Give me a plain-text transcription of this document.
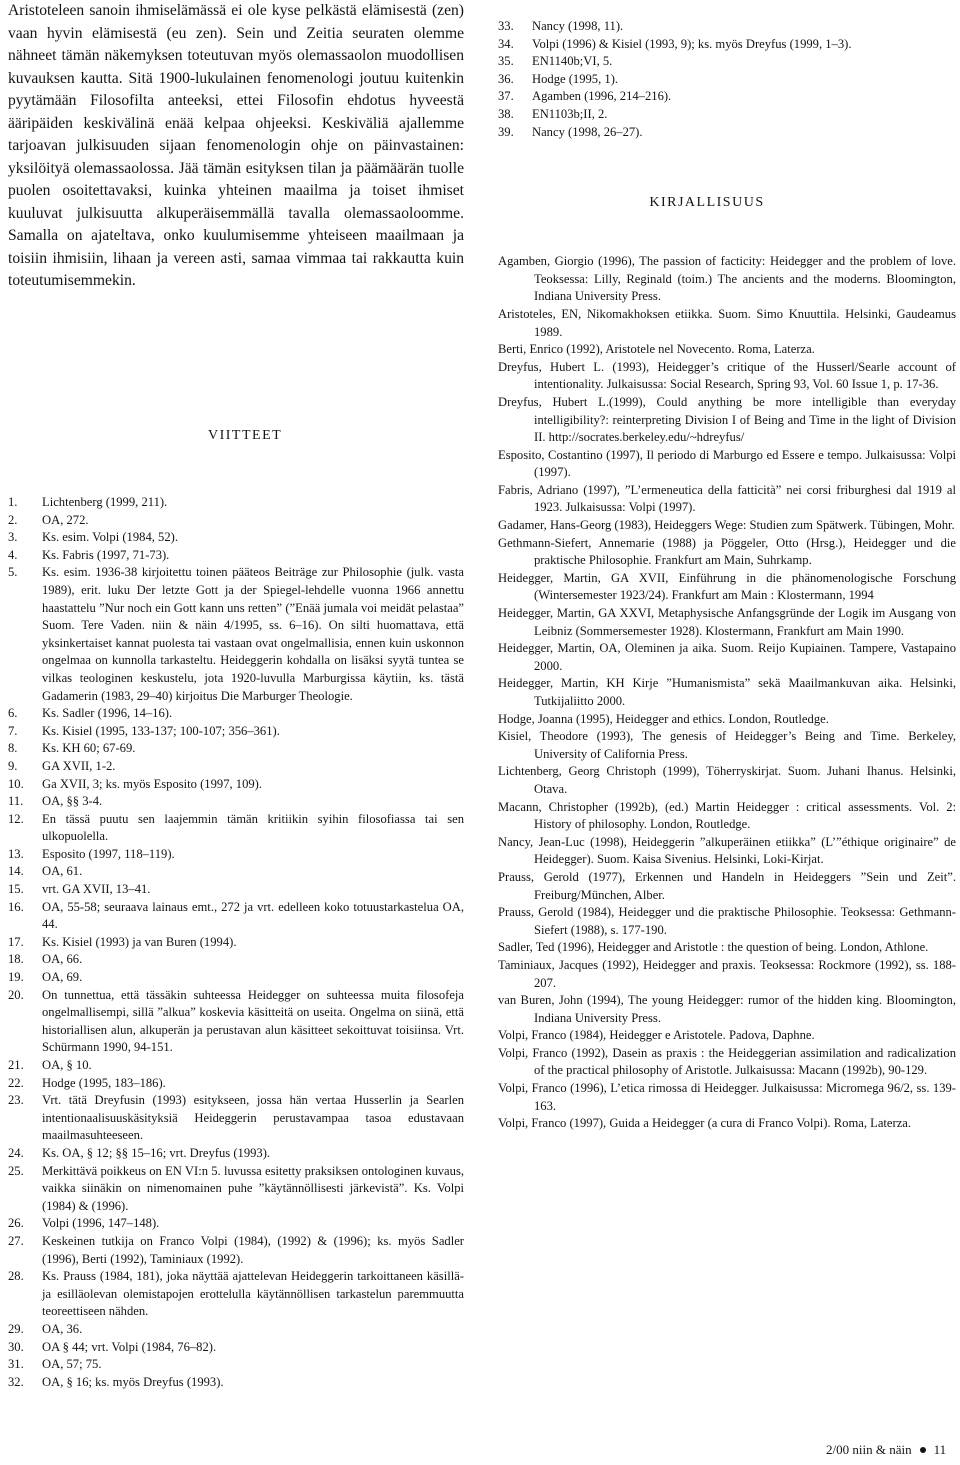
Aristoteleen sanoin ihmiselämässä ei ole kyse pelkästä elämisestä (zen) vaan hyvin elämisestä (eu zen). Sein und Zeitia seuraten olemme nähneet tämän näkemyksen toteutuvan myös olemassaolon muodollisen kuvauksen kautta. Sitä 1900-lukulainen fenomenologi joutuu kuitenkin pyytämään Filosofilta anteeksi, ettei Filosofin ehdotus hyveestä ääripäiden keskivälinä enää kelpaa ohjeeksi. Keskiväliä ajallemme tarjoavan julkisuuden sijaan fenomenologin ohje on päinvastainen: yksilöityä olemassaolossa. Jää tämän esityksen tilan ja päämäärän tuolle puolen osoitettavaksi, kuinka yhteinen maailma ja toiset ihmiset kuuluvat julkisuutta alkuperäisemmällä tavalla olemassaoloomme. Samalla on ajateltava, onko kuulumisemme yhteiseen maailmaan ja toisiin ihmisiin, lihaan ja vereen asti, samaa vimmaa tai rakkautta kuin toteutumisemmekin.

VIITTEET
1.	Lichtenberg (1999, 211).
2.	OA, 272.
3.	Ks. esim. Volpi (1984, 52).
4.	Ks. Fabris (1997, 71-73).
5.	Ks. esim. 1936-38 kirjoitettu toinen pääteos Beiträge zur Philosophie (julk. vasta 1989), erit. luku Der letzte Gott ja der Spiegel-lehdelle vuonna 1966 annettu haastattelu ”Nur noch ein Gott kann uns retten” (”Enää jumala voi meidät pelastaa” Suom. Tere Vaden. niin & näin 4/1995, ss. 6–16). On silti huomattava, että yksinkertaiset kannat puolesta tai vastaan ovat ongelmallisia, ennen kuin uskonnon ongelmaa on kunnolla tarkasteltu. Heideggerin kohdalla on lisäksi syytä tuntea se vilkas teologinen keskustelu, jota 1920-luvulla Marburgissa käytiin, ks. tästä Gadamerin (1983, 29–40) kirjoitus Die Marburger Theologie.
6.	Ks. Sadler (1996, 14–16).
7.	Ks. Kisiel (1995, 133-137; 100-107; 356–361).
8.	Ks. KH 60; 67-69.
9.	GA XVII, 1-2.
10.	Ga XVII, 3; ks. myös Esposito (1997, 109).
11.	OA, §§ 3-4.
12.	En tässä puutu sen laajemmin tämän kritiikin syihin filosofiassa tai sen ulkopuolella.
13.	Esposito (1997, 118–119).
14.	OA, 61.
15.	vrt. GA XVII, 13–41.
16.	OA, 55-58; seuraava lainaus emt., 272 ja vrt. edelleen koko totuustarkastelua OA, 44.
17.	Ks. Kisiel (1993) ja van Buren (1994).
18.	OA, 66.
19.	OA, 69.
20.	On tunnettua, että tässäkin suhteessa Heidegger on suhteessa muita filosofeja ongelmallisempi, sillä ”alkua” koskevia käsitteitä on useita. Ongelma on siinä, että historiallisen alun, alkuperän ja perustavan alun käsitteet sekoittuvat toisiinsa. Vrt. Schürmann 1990, 94-151.
21.	OA, § 10.
22.	Hodge (1995, 183–186).
23.	Vrt. tätä Dreyfusin (1993) esitykseen, jossa hän vertaa Husserlin ja Searlen intentionaalisuuskäsityksiä Heideggerin perustavampaa tasoa edustavaan maailmasuhteeseen.
24.	Ks. OA, § 12; §§ 15–16; vrt. Dreyfus (1993).
25.	Merkittävä poikkeus on EN VI:n 5. luvussa esitetty praksiksen ontologinen kuvaus, vaikka siinäkin on nimenomainen puhe ”käytännöllisesti järkevistä”. Ks. Volpi (1984) & (1996).
26.	Volpi (1996, 147–148).
27.	Keskeinen tutkija on Franco Volpi (1984), (1992) & (1996); ks. myös Sadler (1996), Berti (1992), Taminiaux (1992).
28.	Ks. Prauss (1984, 181), joka näyttää ajattelevan Heideggerin tarkoittaneen käsillä- ja esilläolevan olemistapojen erottelulla käytännöllisen tarkastelun paremmuutta teoreettiseen nähden.
29.	OA, 36.
30.	OA § 44; vrt. Volpi (1984, 76–82).
31.	OA, 57; 75.
32.	OA, § 16; ks. myös Dreyfus (1993).
33.	Nancy (1998, 11).
34.	Volpi (1996) & Kisiel (1993, 9); ks. myös Dreyfus (1999, 1–3).
35.	EN1140b;VI, 5.
36.	Hodge (1995, 1).
37.	Agamben (1996, 214–216).
38.	EN1103b;II, 2.
39.	Nancy (1998, 26–27).
KIRJALLISUUS
Agamben, Giorgio (1996), The passion of facticity: Heidegger and the problem of love. Teoksessa: Lilly, Reginald (toim.) The ancients and the moderns. Bloomington, Indiana University Press.
Aristoteles, EN, Nikomakhoksen etiikka. Suom. Simo Knuuttila. Helsinki, Gaudeamus 1989.
Berti, Enrico (1992), Aristotele nel Novecento. Roma, Laterza.
Dreyfus, Hubert L. (1993), Heidegger’s critique of the Husserl/Searle account of intentionality. Julkaisussa: Social Research, Spring 93, Vol. 60 Issue 1, p. 17-36.
Dreyfus, Hubert L.(1999), Could anything be more intelligible than everyday intelligibility?: reinterpreting Division I of Being and Time in the light of Division II. http://socrates.berkeley.edu/~hdreyfus/
Esposito, Costantino (1997), Il periodo di Marburgo ed Essere e tempo. Julkaisussa: Volpi (1997).
Fabris, Adriano (1997), ”L’ermeneutica della fatticità” nei corsi friburghesi dal 1919 al 1923. Julkaisussa: Volpi (1997).
Gadamer, Hans-Georg (1983), Heideggers Wege: Studien zum Spätwerk. Tübingen, Mohr.
Gethmann-Siefert, Annemarie (1988) ja Pöggeler, Otto (Hrsg.), Heidegger und die praktische Philosophie. Frankfurt am Main, Suhrkamp.
Heidegger, Martin, GA XVII, Einführung in die phänomenologische Forschung (Wintersemester 1923/24). Frankfurt am Main : Klostermann, 1994
Heidegger, Martin, GA XXVI, Metaphysische Anfangsgründe der Logik im Ausgang von Leibniz (Sommersemester 1928). Klostermann, Frankfurt am Main 1990.
Heidegger, Martin, OA, Oleminen ja aika. Suom. Reijo Kupiainen. Tampere, Vastapaino 2000.
Heidegger, Martin, KH Kirje ”Humanismista” sekä Maailmankuvan aika. Helsinki, Tutkijaliitto 2000.
Hodge, Joanna (1995), Heidegger and ethics. London, Routledge.
Kisiel, Theodore (1993), The genesis of Heidegger’s Being and Time. Berkeley, University of California Press.
Lichtenberg, Georg Christoph (1999), Töherryskirjat. Suom. Juhani Ihanus. Helsinki, Otava.
Macann, Christopher (1992b), (ed.) Martin Heidegger : critical assessments. Vol. 2: History of philosophy. London, Routledge.
Nancy, Jean-Luc (1998), Heideggerin ”alkuperäinen etiikka” (L’”éthique originaire” de Heidegger). Suom. Kaisa Sivenius. Helsinki, Loki-Kirjat.
Prauss, Gerold (1977), Erkennen und Handeln in Heideggers ”Sein und Zeit”. Freiburg/München, Alber.
Prauss, Gerold (1984), Heidegger und die praktische Philosophie. Teoksessa: Gethmann-Siefert (1988), s. 177-190.
Sadler, Ted (1996), Heidegger and Aristotle : the question of being. London, Athlone.
Taminiaux, Jacques (1992), Heidegger and praxis. Teoksessa: Rockmore (1992), ss. 188-207.
van Buren, John (1994), The young Heidegger: rumor of the hidden king. Bloomington, Indiana University Press.
Volpi, Franco (1984), Heidegger e Aristotele. Padova, Daphne.
Volpi, Franco (1992), Dasein as praxis : the Heideggerian assimilation and radicalization of the practical philosophy of Aristotle. Julkaisussa: Macann (1992b), 90-129.
Volpi, Franco (1996), L’etica rimossa di Heidegger. Julkaisussa: Micromega 96/2, ss. 139-163.
Volpi, Franco (1997), Guida a Heidegger (a cura di Franco Volpi). Roma, Laterza.
2/00 niin & näin 11
